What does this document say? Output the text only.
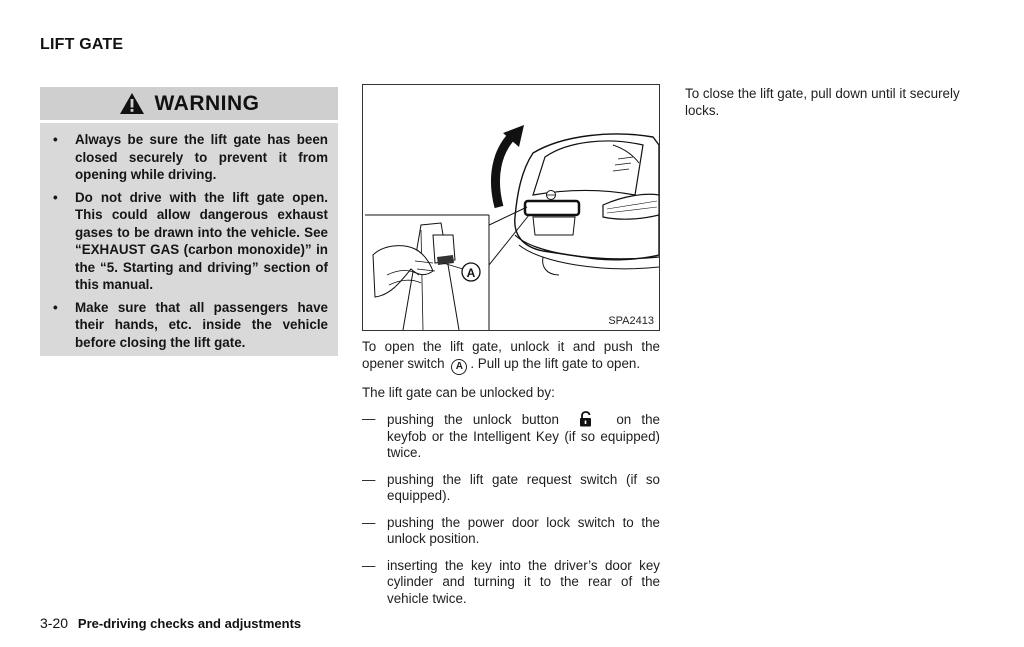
LIFT GATE
WARNING
• Always be sure the lift gate has been closed securely to prevent it from opening while driving.
• Do not drive with the lift gate open. This could allow dangerous exhaust gases to be drawn into the vehicle. See “EXHAUST GAS (carbon monoxide)” in the “5. Starting and driving” section of this manual.
• Make sure that all passengers have their hands, etc. inside the vehicle before closing the lift gate.
A
SPA2413

To open the lift gate, unlock it and push the opener switch A . Pull up the lift gate to open.

The lift gate can be unlocked by:

— pushing the unlock button	on the keyfob or the Intelligent Key (if so equipped) twice.
— pushing the lift gate request switch (if so equipped).
— pushing the power door lock switch to the unlock position.
— inserting the key into the driver’s door key cylinder and turning it to the rear of the vehicle twice.

To close the lift gate, pull down until it securely locks.

3-20 Pre-driving checks and adjustments
